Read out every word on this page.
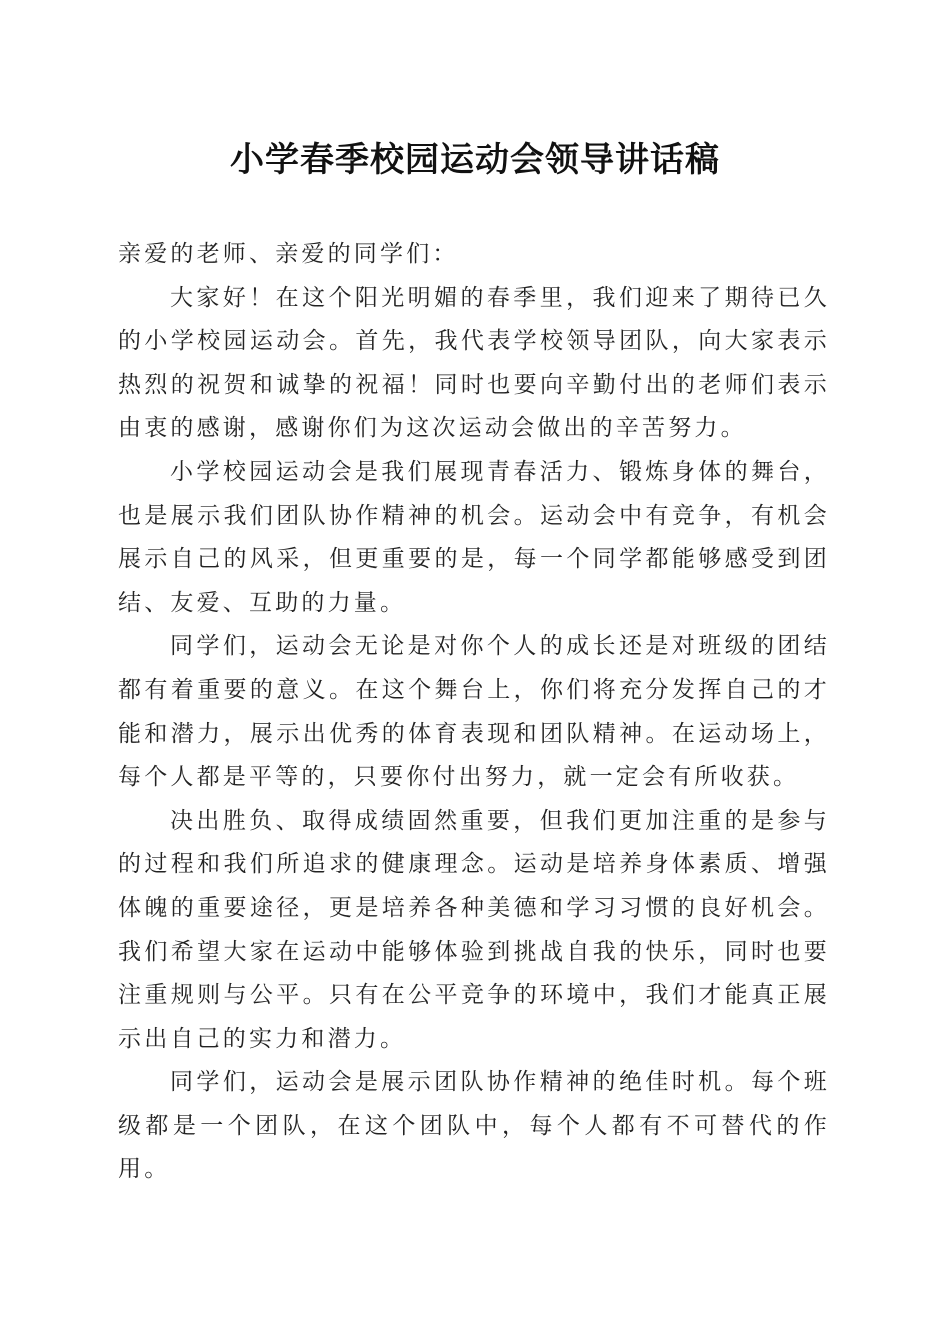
小学春季校园运动会领导讲话稿

亲爱的老师、亲爱的同学们：

大家好！在这个阳光明媚的春季里，我们迎来了期待已久的小学校园运动会。首先，我代表学校领导团队，向大家表示热烈的祝贺和诚挚的祝福！同时也要向辛勤付出的老师们表示由衷的感谢，感谢你们为这次运动会做出的辛苦努力。

小学校园运动会是我们展现青春活力、锻炼身体的舞台，也是展示我们团队协作精神的机会。运动会中有竞争，有机会展示自己的风采，但更重要的是，每一个同学都能够感受到团结、友爱、互助的力量。

同学们，运动会无论是对你个人的成长还是对班级的团结都有着重要的意义。在这个舞台上，你们将充分发挥自己的才能和潜力，展示出优秀的体育表现和团队精神。在运动场上，每个人都是平等的，只要你付出努力，就一定会有所收获。

决出胜负、取得成绩固然重要，但我们更加注重的是参与的过程和我们所追求的健康理念。运动是培养身体素质、增强体魄的重要途径，更是培养各种美德和学习习惯的良好机会。我们希望大家在运动中能够体验到挑战自我的快乐，同时也要注重规则与公平。只有在公平竞争的环境中，我们才能真正展示出自己的实力和潜力。

同学们，运动会是展示团队协作精神的绝佳时机。每个班级都是一个团队，在这个团队中，每个人都有不可替代的作用。
